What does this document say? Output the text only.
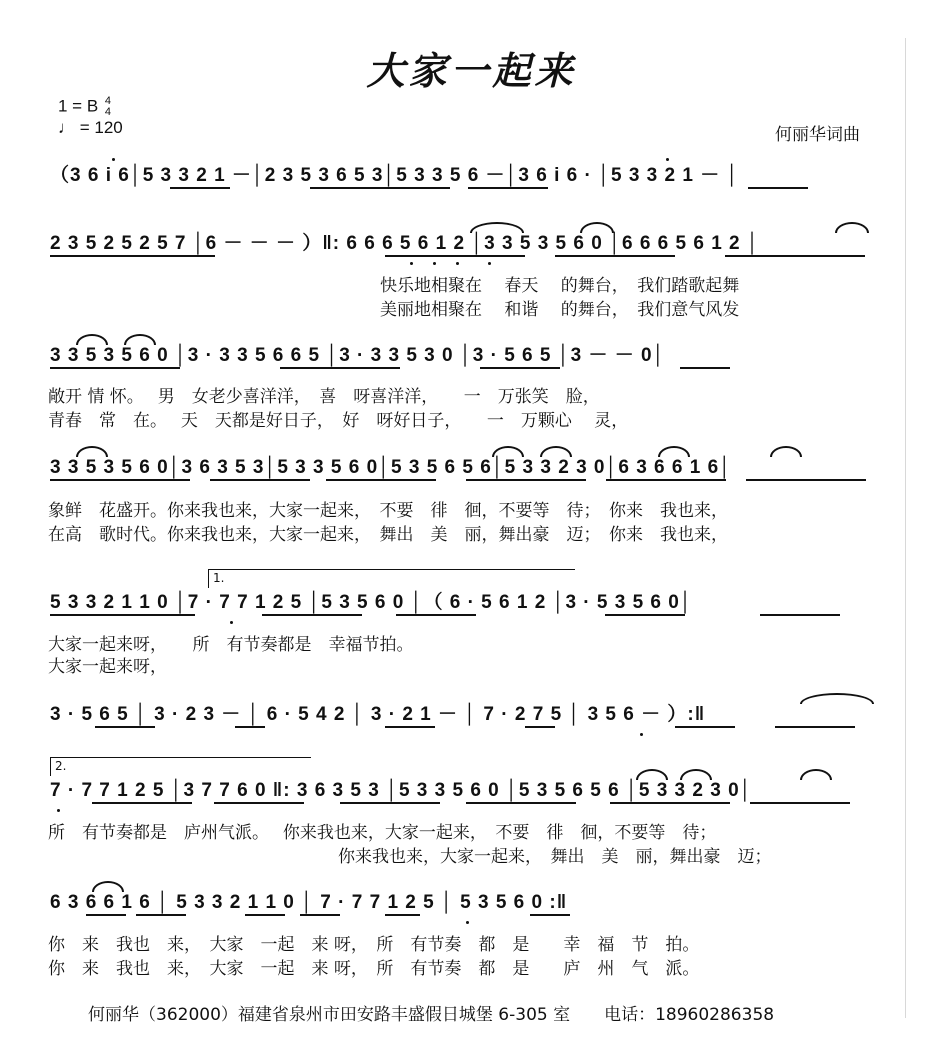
大家一起来
1 = B 4
4
♩ = 120	何丽华词曲
（3 6 i 6│5 3 3 2 1 －│2 3 5 3 6 5 3│5 3 3 5 6 －│3 6 i 6 · │5 3 3 2 1 － │
2 3 5 2 5 2 5 7 │6 － － － ）‖: 6 6 6 5 6 1 2 │3 3 5 3 5 6 0 │6 6 6 5 6 1 2 │
快乐地相聚在　 春天　 的舞台，　我们踏歌起舞
美丽地相聚在　 和谐　 的舞台，　我们意气风发
3 3 5 3 5 6 0 │3 · 3 3 5 6 6 5 │3 · 3 3 5 3 0 │3 · 5 6 5 │3 － － 0│
敞开 情 怀。　 男　女老少喜洋洋，　喜　呀喜洋洋，　　一　万张笑　脸，
青春　常　在。　 天　天都是好日子，　好　呀好日子，　　一　万颗心　 灵，
3 3 5 3 5 6 0│3 6 3 5 3│5 3 3 5 6 0│5 3 5 6 5 6│5 3 3 2 3 0│6 3 6 6 1 6│
象鲜　花盛开。你来我也来，大家一起来，　不要　徘　徊，不要等　待；　你来　我也来，
在高　歌时代。你来我也来，大家一起来，　舞出　美　丽，舞出豪　迈；　你来　我也来，
1.
5 3 3 2 1 1 0 │7 · 7 7 1 2 5 │5 3 5 6 0 │（ 6 · 5 6 1 2 │3 · 5 3 5 6 0│
大家一起来呀，　　所　有节奏都是　幸福节拍。
大家一起来呀，
3 · 5 6 5 │ 3 · 2 3 － │ 6 · 5 4 2 │ 3 · 2 1 － │ 7 · 2 7 5 │ 3 5 6 － ）:‖
2.
7 · 7 7 1 2 5 │3 7 7 6 0 ‖: 3 6 3 5 3 │5 3 3 5 6 0 │5 3 5 6 5 6 │5 3 3 2 3 0│
所　有节奏都是　庐州气派。　 你来我也来，大家一起来，　不要　徘　徊，不要等　待；
你来我也来，大家一起来，　舞出　美　丽，舞出豪　迈；
6 3 6 6 1 6 │ 5 3 3 2 1 1 0 │ 7 · 7 7 1 2 5 │ 5 3 5 6 0 :‖
你　来　我也　来，　大家　一起　来 呀，　所　有节奏　都　是　　幸　福　节　拍。
你　来　我也　来，　大家　一起　来 呀，　所　有节奏　都　是　　庐　州　气　派。
何丽华（362000）福建省泉州市田安路丰盛假日城堡 6-305 室　　电话：18960286358
